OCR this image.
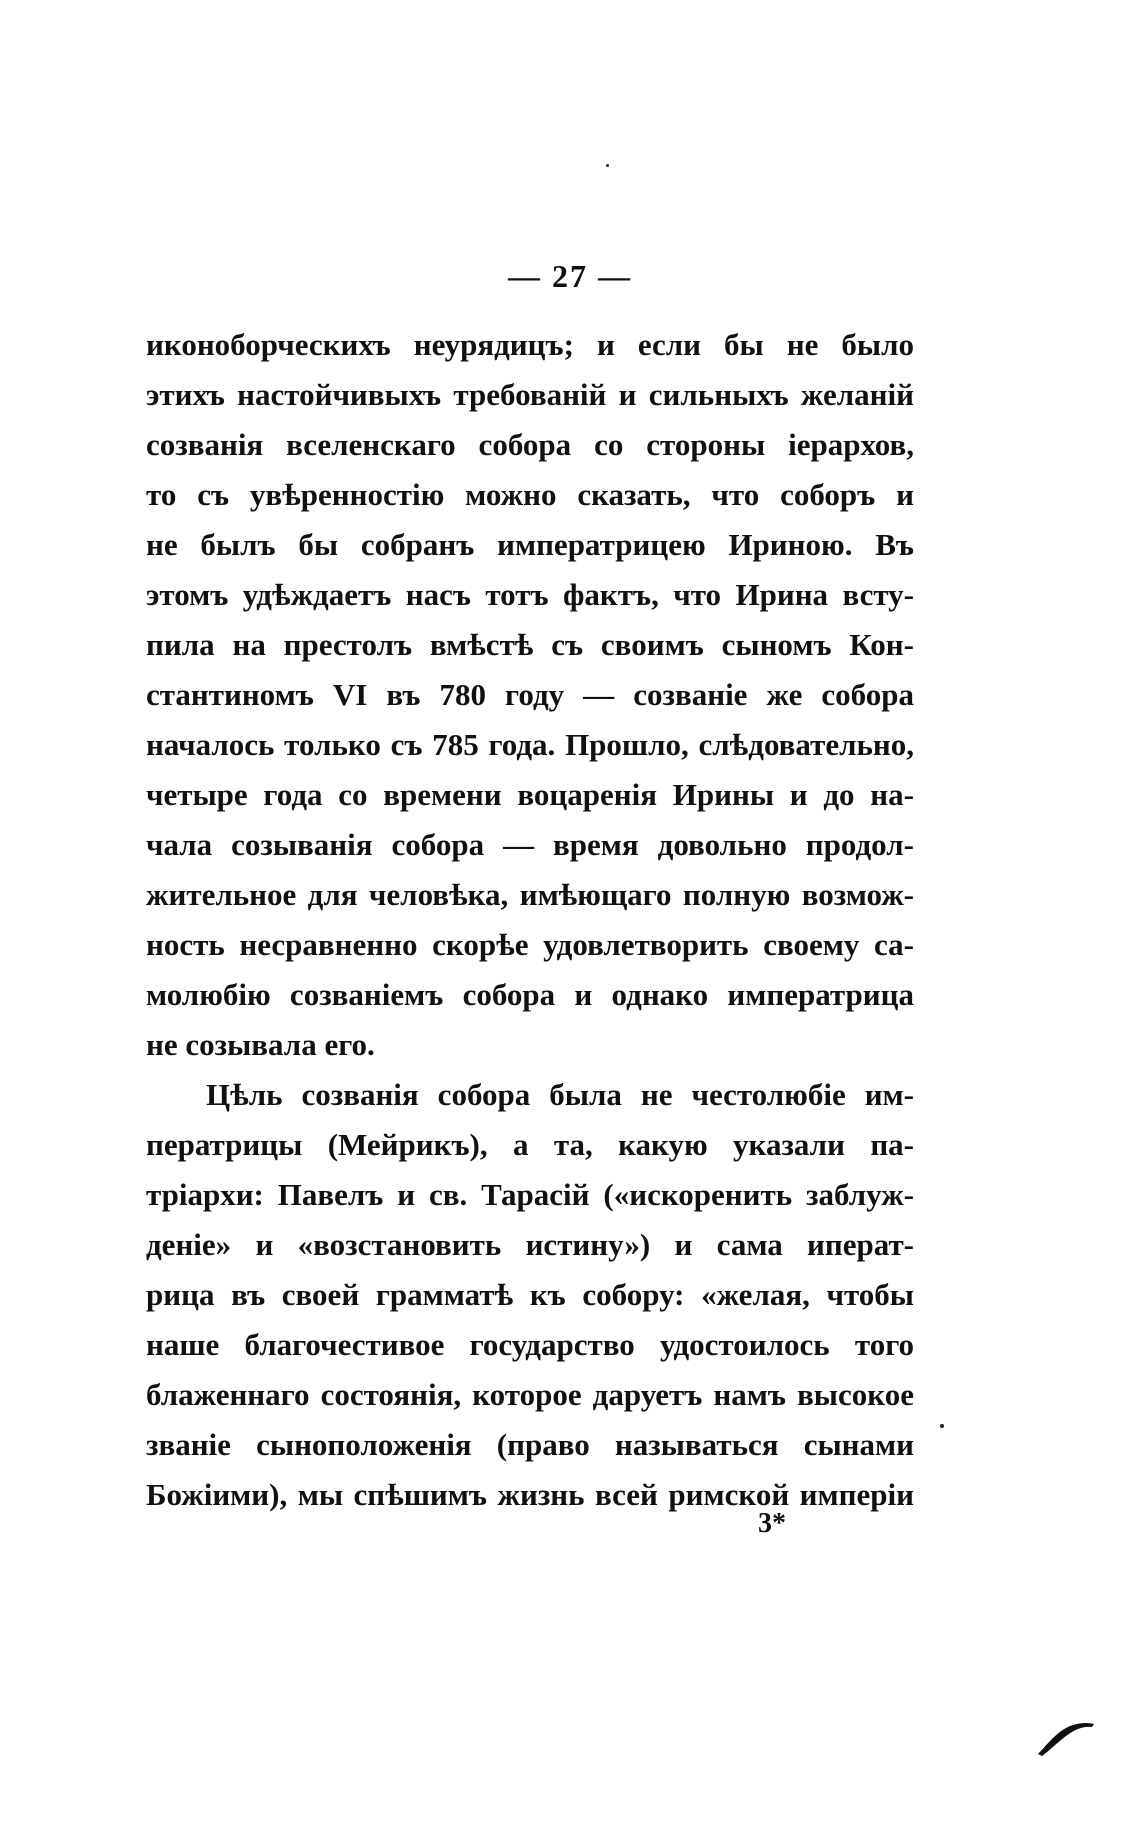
— 27 —
иконоборческихъ неурядицъ; и если бы не было
этихъ настойчивыхъ требованій и сильныхъ желаній
созванія вселенскаго собора со стороны іерархов,
то съ увѣренностію можно сказать, что соборъ и
не былъ бы собранъ императрицею Ириною. Въ
этомъ удѣждаетъ насъ тотъ фактъ, что Ирина всту-
пила на престолъ вмѣстѣ съ своимъ сыномъ Кон-
стантиномъ VI въ 780 году — созваніе же собора
началось только съ 785 года. Прошло, слѣдовательно,
четыре года со времени воцаренія Ирины и до на-
чала созыванія собора — время довольно продол-
жительное для человѣка, имѣющаго полную возмож-
ность несравненно скорѣе удовлетворить своему са-
молюбію созваніемъ собора и однако императрица
не созывала его.
Цѣль созванія собора была не честолюбіе им-
ператрицы (Мейрикъ), а та, какую указали па-
тріархи: Павелъ и св. Тарасій («искоренить заблуж-
деніе» и «возстановить истину») и сама иперат-
рица въ своей грамматѣ къ собору: «желая, чтобы
наше благочестивое государство удостоилось того
блаженнаго состоянія, которое даруетъ намъ высокое
званіе сыноположенія (право называться сынами
Божіими), мы спѣшимъ жизнь всей римской имперіи
3*
